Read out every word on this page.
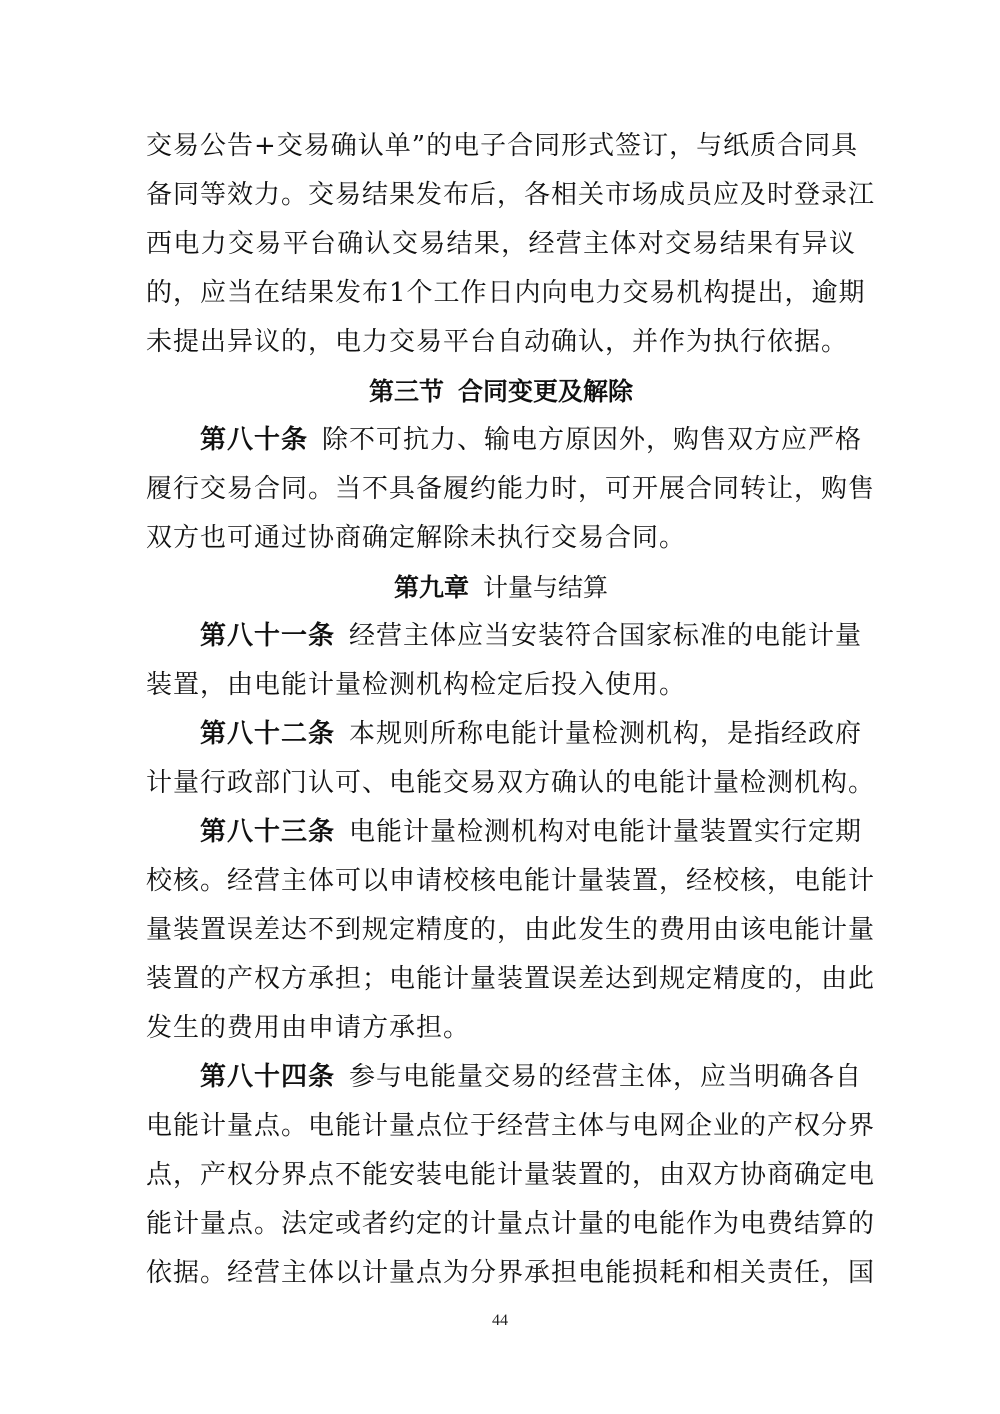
交易公告+交易确认单”的电子合同形式签订，与纸质合同具
备同等效力。交易结果发布后，各相关市场成员应及时登录江
西电力交易平台确认交易结果，经营主体对交易结果有异议
的，应当在结果发布1个工作日内向电力交易机构提出，逾期
未提出异议的，电力交易平台自动确认，并作为执行依据。
第三节 合同变更及解除
第八十条 除不可抗力、输电方原因外，购售双方应严格
履行交易合同。当不具备履约能力时，可开展合同转让，购售
双方也可通过协商确定解除未执行交易合同。
第九章 计量与结算
第八十一条 经营主体应当安装符合国家标准的电能计量
装置，由电能计量检测机构检定后投入使用。
第八十二条 本规则所称电能计量检测机构，是指经政府
计量行政部门认可、电能交易双方确认的电能计量检测机构。
第八十三条 电能计量检测机构对电能计量装置实行定期
校核。经营主体可以申请校核电能计量装置，经校核，电能计
量装置误差达不到规定精度的，由此发生的费用由该电能计量
装置的产权方承担；电能计量装置误差达到规定精度的，由此
发生的费用由申请方承担。
第八十四条 参与电能量交易的经营主体，应当明确各自
电能计量点。电能计量点位于经营主体与电网企业的产权分界
点，产权分界点不能安装电能计量装置的，由双方协商确定电
能计量点。法定或者约定的计量点计量的电能作为电费结算的
依据。经营主体以计量点为分界承担电能损耗和相关责任，国
44
